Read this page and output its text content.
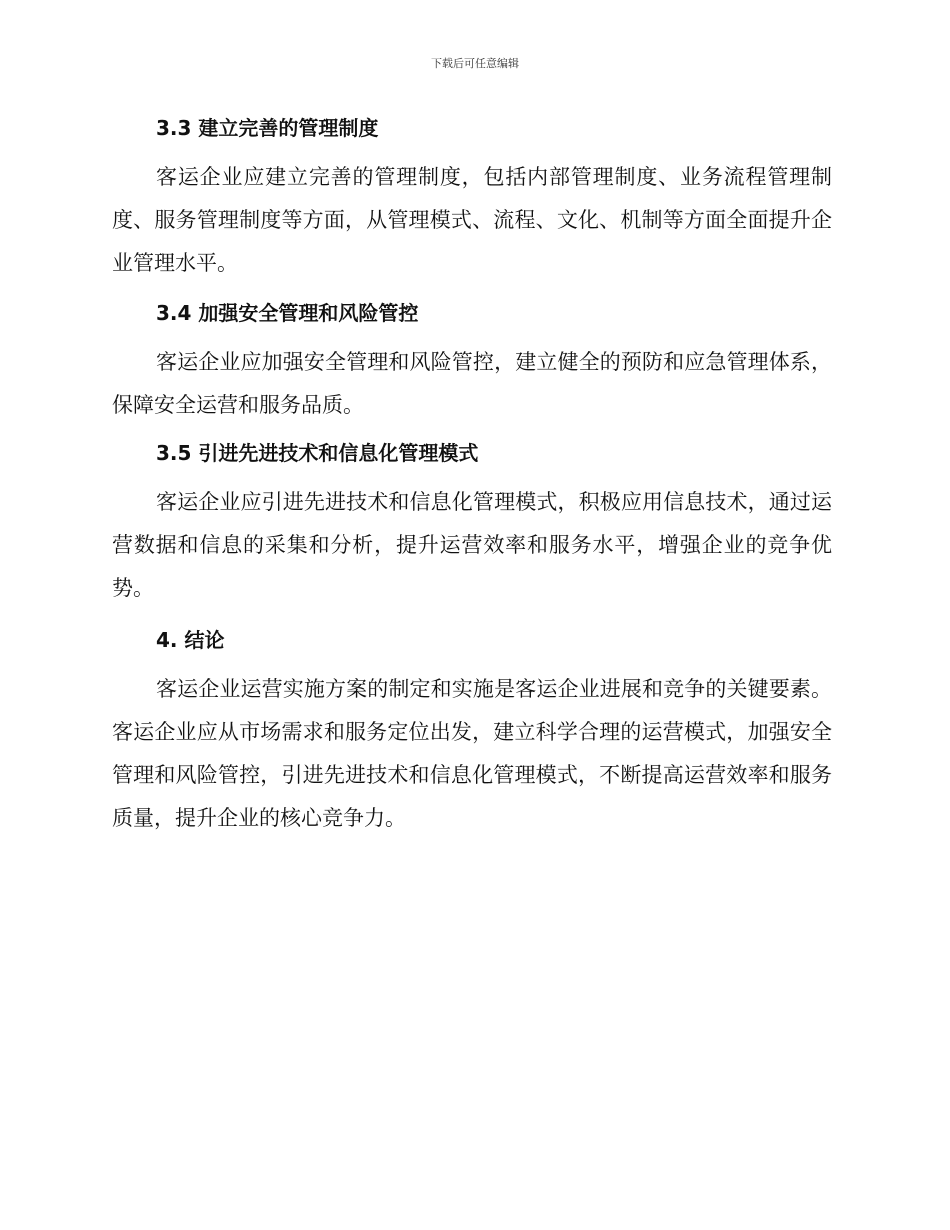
下载后可任意编辑
3.3 建立完善的管理制度

客运企业应建立完善的管理制度，包括内部管理制度、业务流程管理制度、服务管理制度等方面，从管理模式、流程、文化、机制等方面全面提升企业管理水平。

3.4 加强安全管理和风险管控

客运企业应加强安全管理和风险管控，建立健全的预防和应急管理体系，保障安全运营和服务品质。

3.5 引进先进技术和信息化管理模式

客运企业应引进先进技术和信息化管理模式，积极应用信息技术，通过运营数据和信息的采集和分析，提升运营效率和服务水平，增强企业的竞争优势。

4. 结论

客运企业运营实施方案的制定和实施是客运企业进展和竞争的关键要素。客运企业应从市场需求和服务定位出发，建立科学合理的运营模式，加强安全管理和风险管控，引进先进技术和信息化管理模式，不断提高运营效率和服务质量，提升企业的核心竞争力。
